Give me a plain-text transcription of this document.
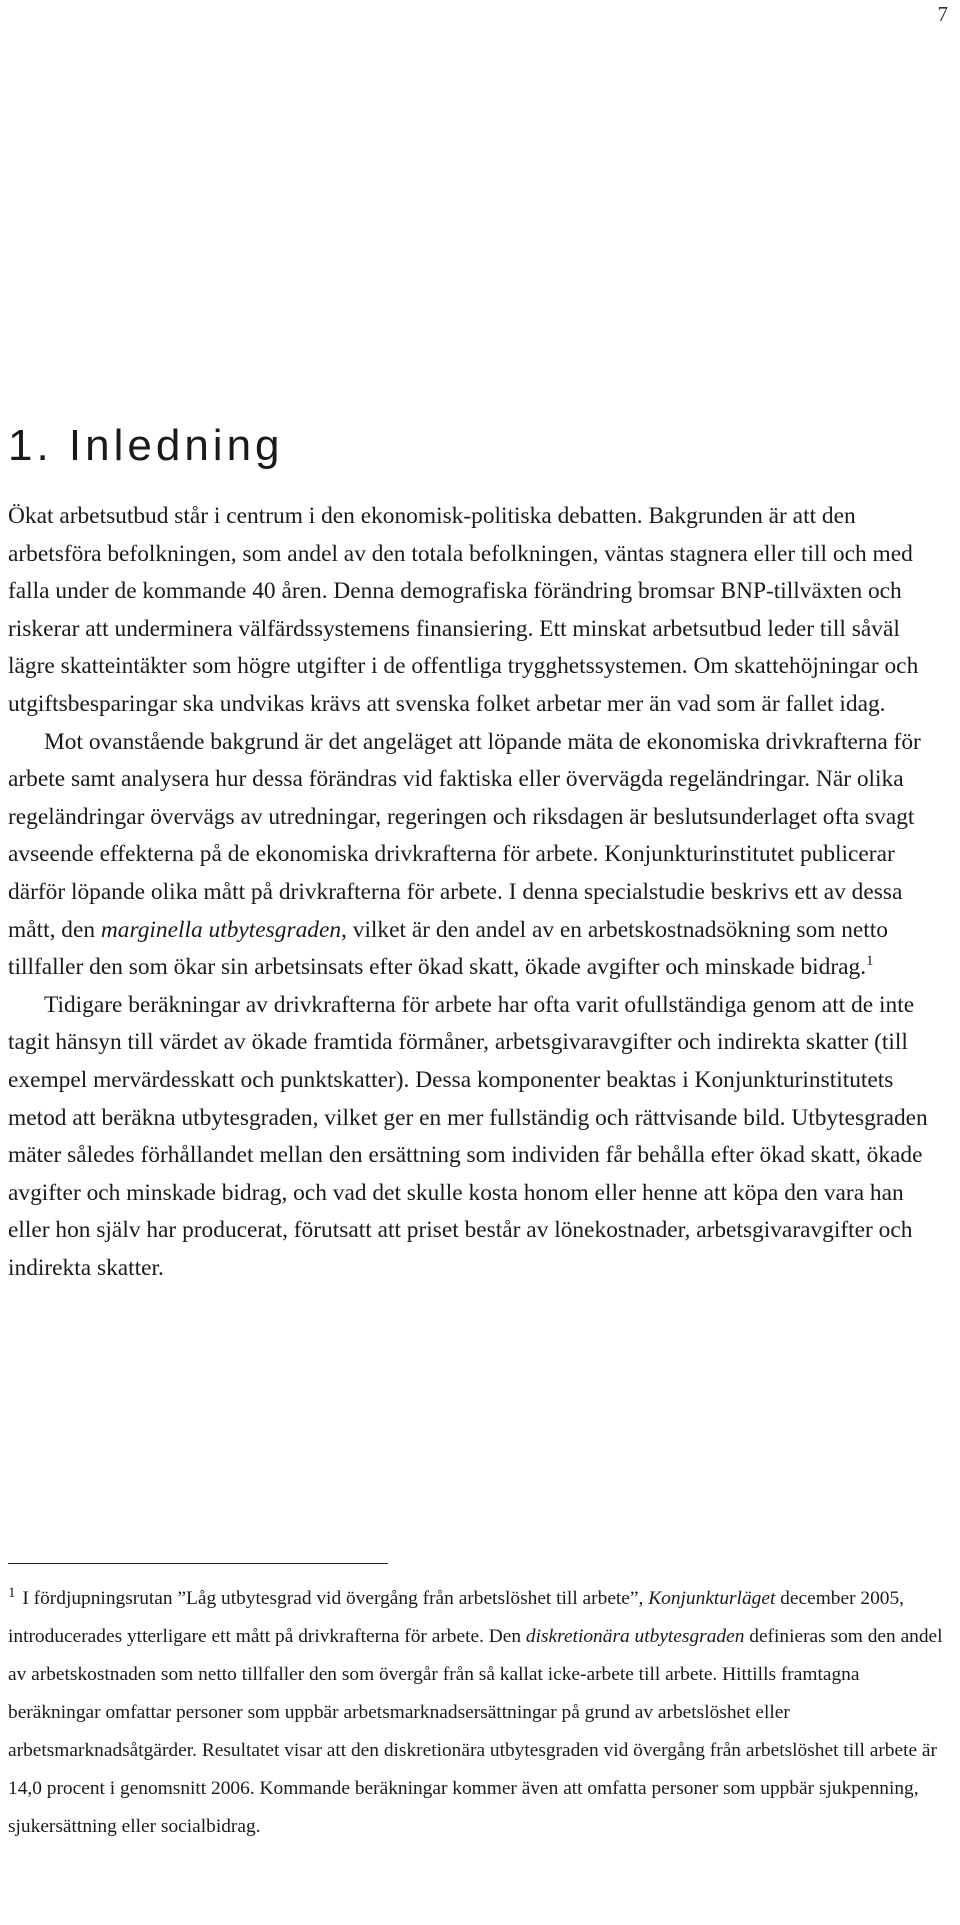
7
1. Inledning

Ökat arbetsutbud står i centrum i den ekonomisk-politiska debatten. Bakgrunden är att den arbetsföra befolkningen, som andel av den totala befolkningen, väntas stagnera eller till och med falla under de kommande 40 åren. Denna demografiska förändring bromsar BNP-tillväxten och riskerar att underminera välfärdssystemens finansiering. Ett minskat arbetsutbud leder till såväl lägre skatteintäkter som högre utgifter i de offentliga trygghetssystemen. Om skattehöjningar och utgiftsbesparingar ska undvikas krävs att svenska folket arbetar mer än vad som är fallet idag.

Mot ovanstående bakgrund är det angeläget att löpande mäta de ekonomiska drivkrafterna för arbete samt analysera hur dessa förändras vid faktiska eller övervägda regeländringar. När olika regeländringar övervägs av utredningar, regeringen och riksdagen är beslutsunderlaget ofta svagt avseende effekterna på de ekonomiska drivkrafterna för arbete. Konjunkturinstitutet publicerar därför löpande olika mått på drivkrafterna för arbete. I denna specialstudie beskrivs ett av dessa mått, den marginella utbytesgraden, vilket är den andel av en arbetskostnadsökning som netto tillfaller den som ökar sin arbetsinsats efter ökad skatt, ökade avgifter och minskade bidrag.$^1$

Tidigare beräkningar av drivkrafterna för arbete har ofta varit ofullständiga genom att de inte tagit hänsyn till värdet av ökade framtida förmåner, arbetsgivaravgifter och indirekta skatter (till exempel mervärdesskatt och punktskatter). Dessa komponenter beaktas i Konjunkturinstitutets metod att beräkna utbytesgraden, vilket ger en mer fullständig och rättvisande bild. Utbytesgraden mäter således förhållandet mellan den ersättning som individen får behålla efter ökad skatt, ökade avgifter och minskade bidrag, och vad det skulle kosta honom eller henne att köpa den vara han eller hon själv har producerat, förutsatt att priset består av lönekostnader, arbetsgivaravgifter och indirekta skatter.

$^1$ I fördjupningsrutan ”Låg utbytesgrad vid övergång från arbetslöshet till arbete”, Konjunkturläget december 2005, introducerades ytterligare ett mått på drivkrafterna för arbete. Den diskretionära utbytesgraden definieras som den andel av arbetskostnaden som netto tillfaller den som övergår från så kallat icke-arbete till arbete. Hittills framtagna beräkningar omfattar personer som uppbär arbetsmarknadsersättningar på grund av arbetslöshet eller arbetsmarknadsåtgärder. Resultatet visar att den diskretionära utbytesgraden vid övergång från arbetslöshet till arbete är 14,0 procent i genomsnitt 2006. Kommande beräkningar kommer även att omfatta personer som uppbär sjukpenning, sjukersättning eller socialbidrag.
